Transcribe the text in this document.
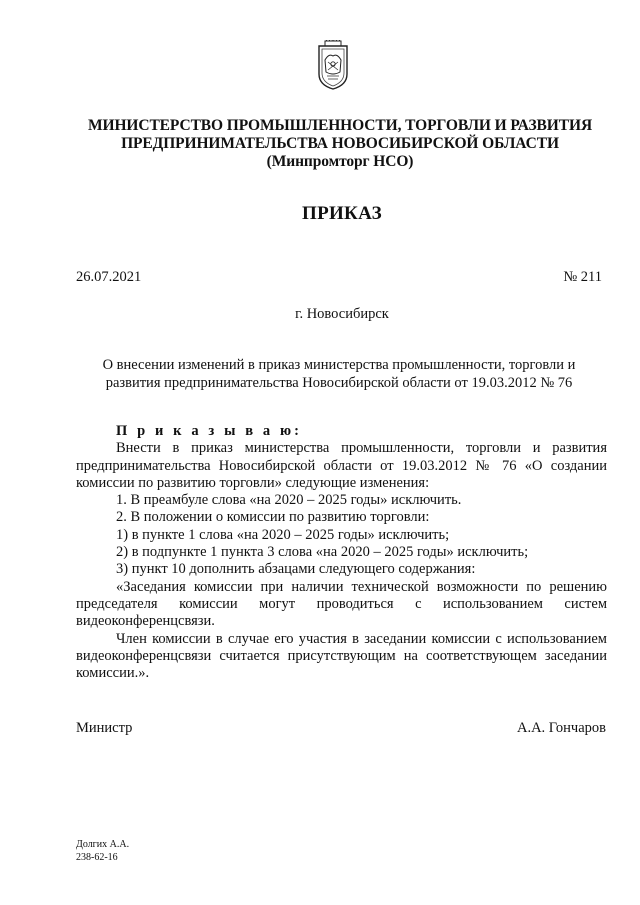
МИНИСТЕРСТВО ПРОМЫШЛЕННОСТИ, ТОРГОВЛИ И РАЗВИТИЯ
ПРЕДПРИНИМАТЕЛЬСТВА НОВОСИБИРСКОЙ ОБЛАСТИ
(Минпромторг НСО)
ПРИКАЗ
26.07.2021	№ 211
г. Новосибирск
О внесении изменений в приказ министерства промышленности, торговли и
развития предпринимательства Новосибирской области от 19.03.2012 № 76
П р и к а з ы в а ю:
Внести в приказ министерства промышленности, торговли и развития
предпринимательства Новосибирской области от 19.03.2012 № 76 «О создании
комиссии по развитию торговли» следующие изменения:
1. В преамбуле слова «на 2020 – 2025 годы» исключить.
2. В положении о комиссии по развитию торговли:
1) в пункте 1 слова «на 2020 – 2025 годы» исключить;
2) в подпункте 1 пункта 3 слова «на 2020 – 2025 годы» исключить;
3) пункт 10 дополнить абзацами следующего содержания:
«Заседания комиссии при наличии технической возможности по решению
председателя комиссии могут проводиться с использованием систем
видеоконференцсвязи.
Член комиссии в случае его участия в заседании комиссии с использованием
видеоконференцсвязи считается присутствующим на соответствующем заседании
комиссии.».
Министр	А.А. Гончаров
Долгих А.А.
238-62-16
